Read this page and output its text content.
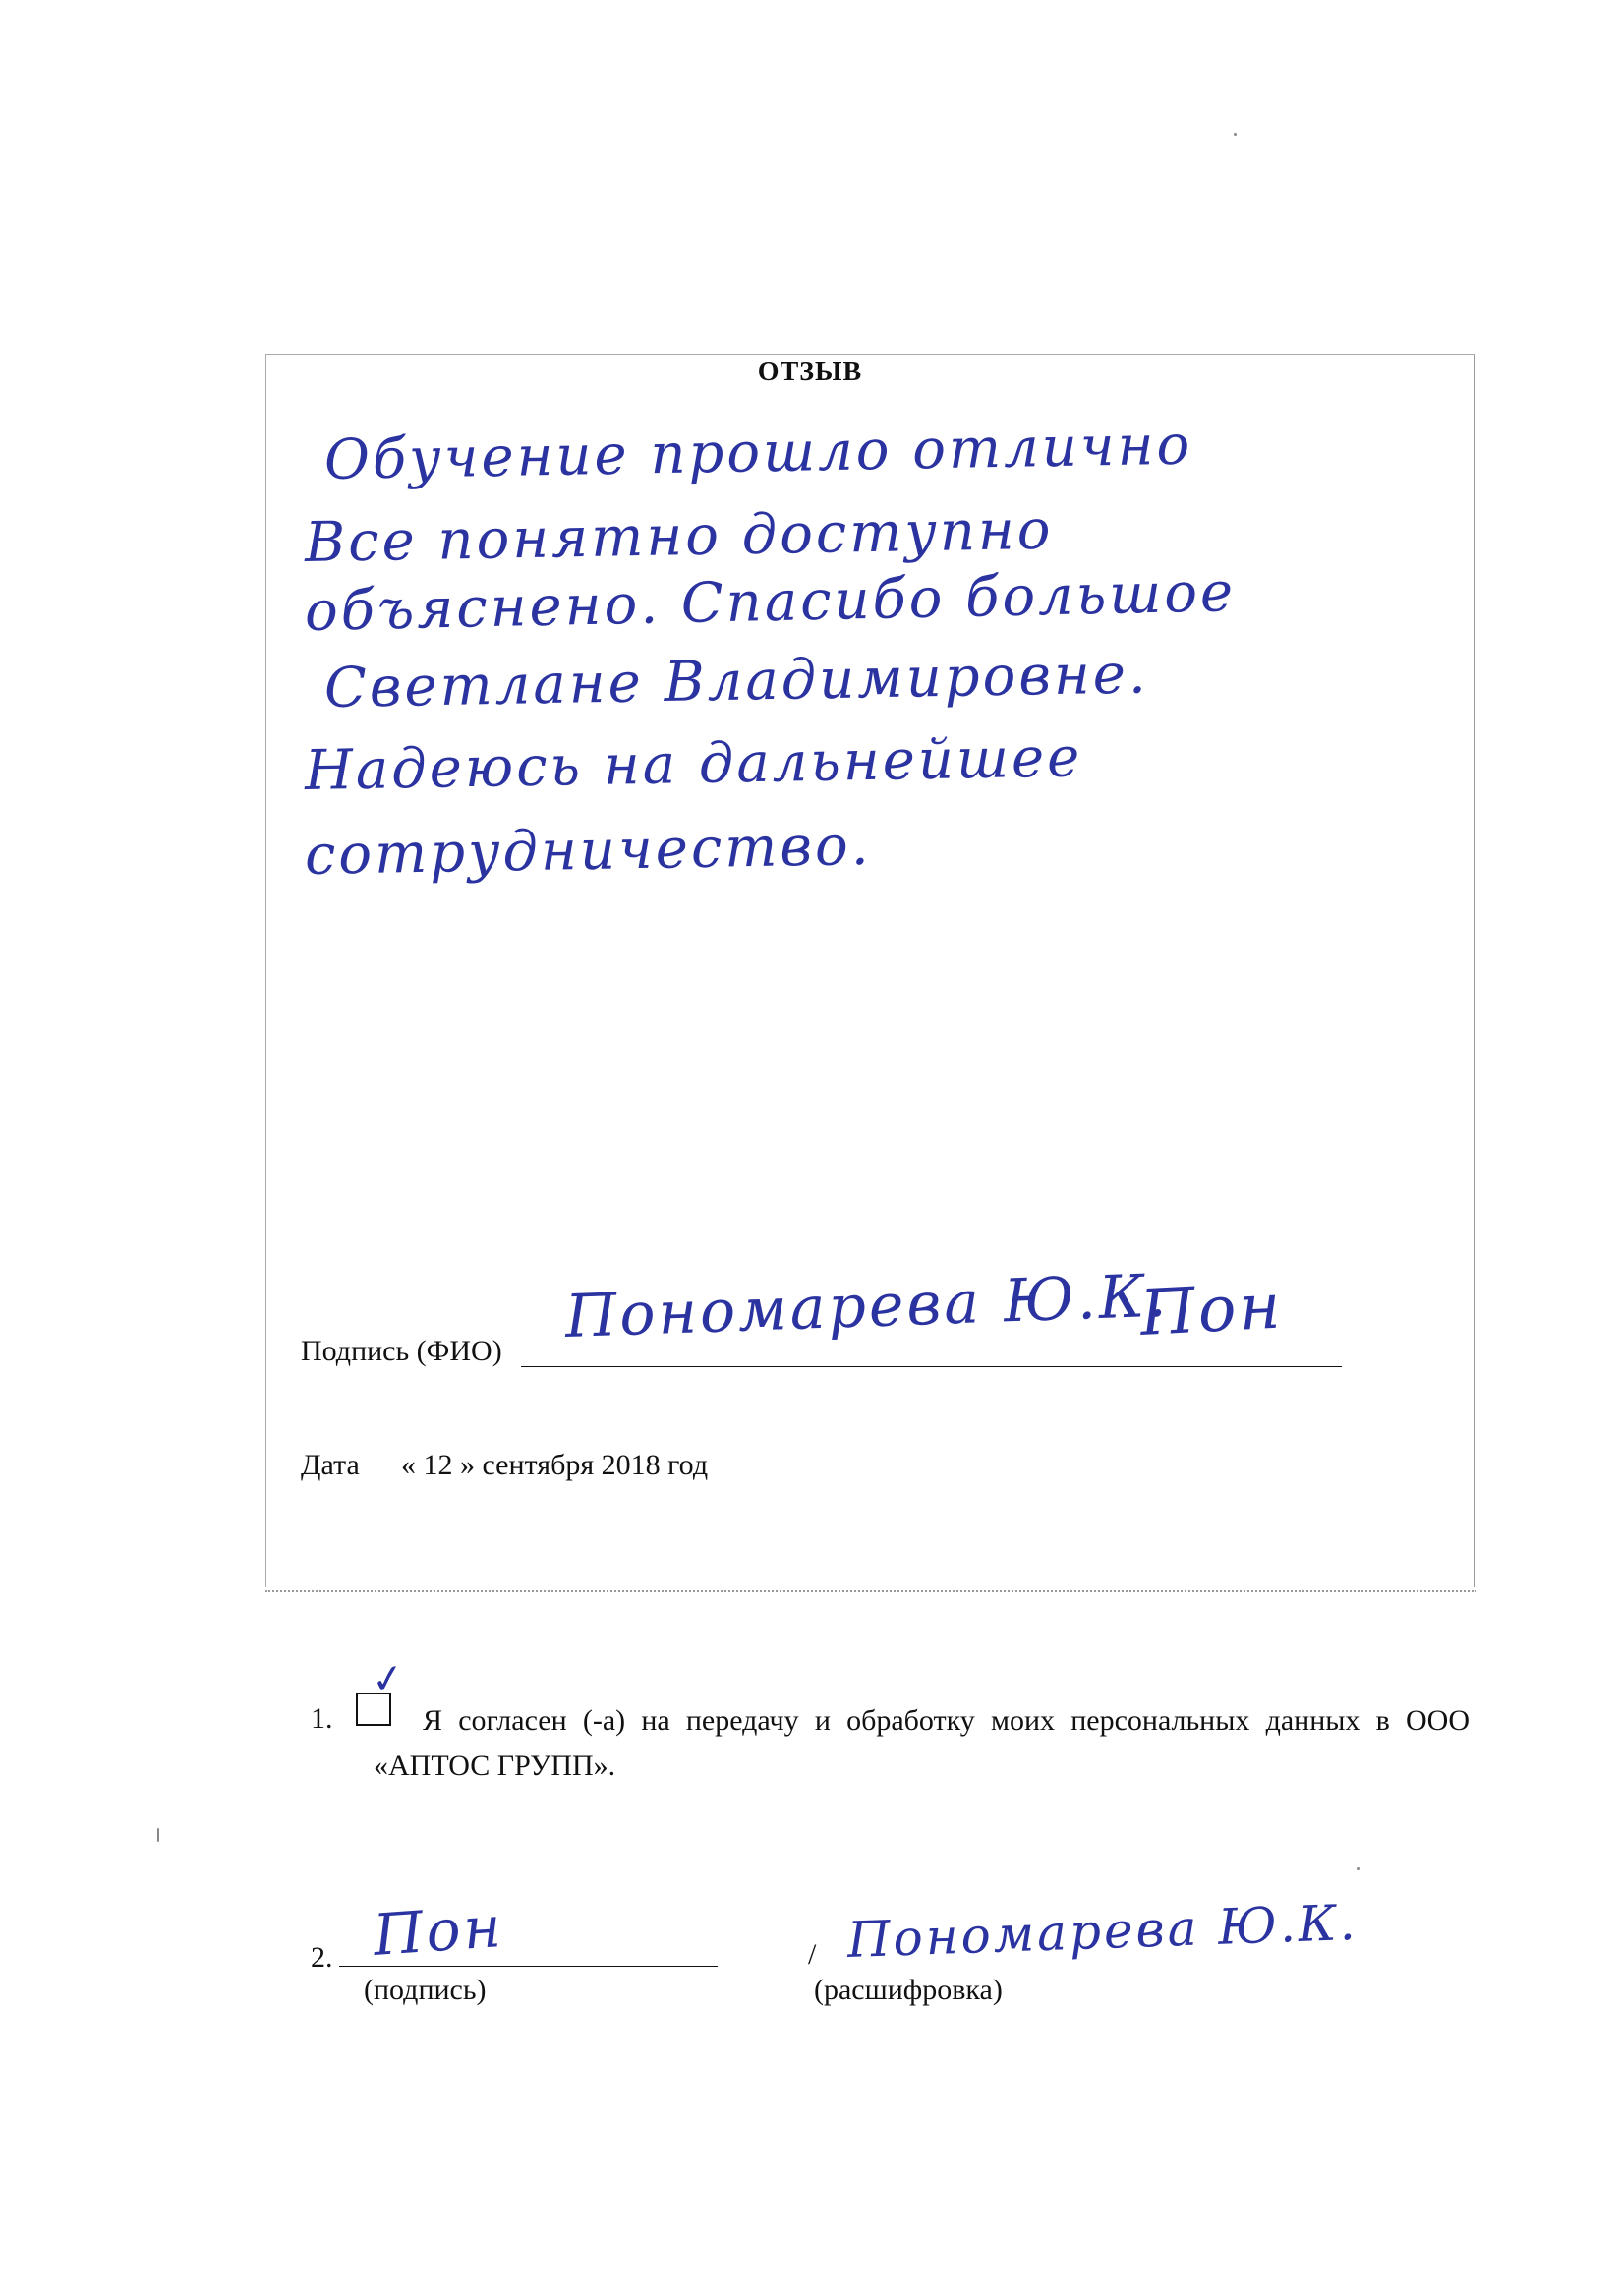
ОТЗЫВ
Обучение прошло отлично
Все понятно доступно
объяснено. Спасибо большое
Светлане Владимировне.
Надеюсь на дальнейшее
сотрудничество.
Подпись (ФИО) Пономарева Ю.К.
Пон
Дата « 12 » сентября 2018 год
1.
✓
Я согласен (-а) на передачу и обработку моих персональных данных в ООО «АПТОС ГРУПП».
2. Пон
(подпись)
/ Пономарева Ю.К.
(расшифровка)
